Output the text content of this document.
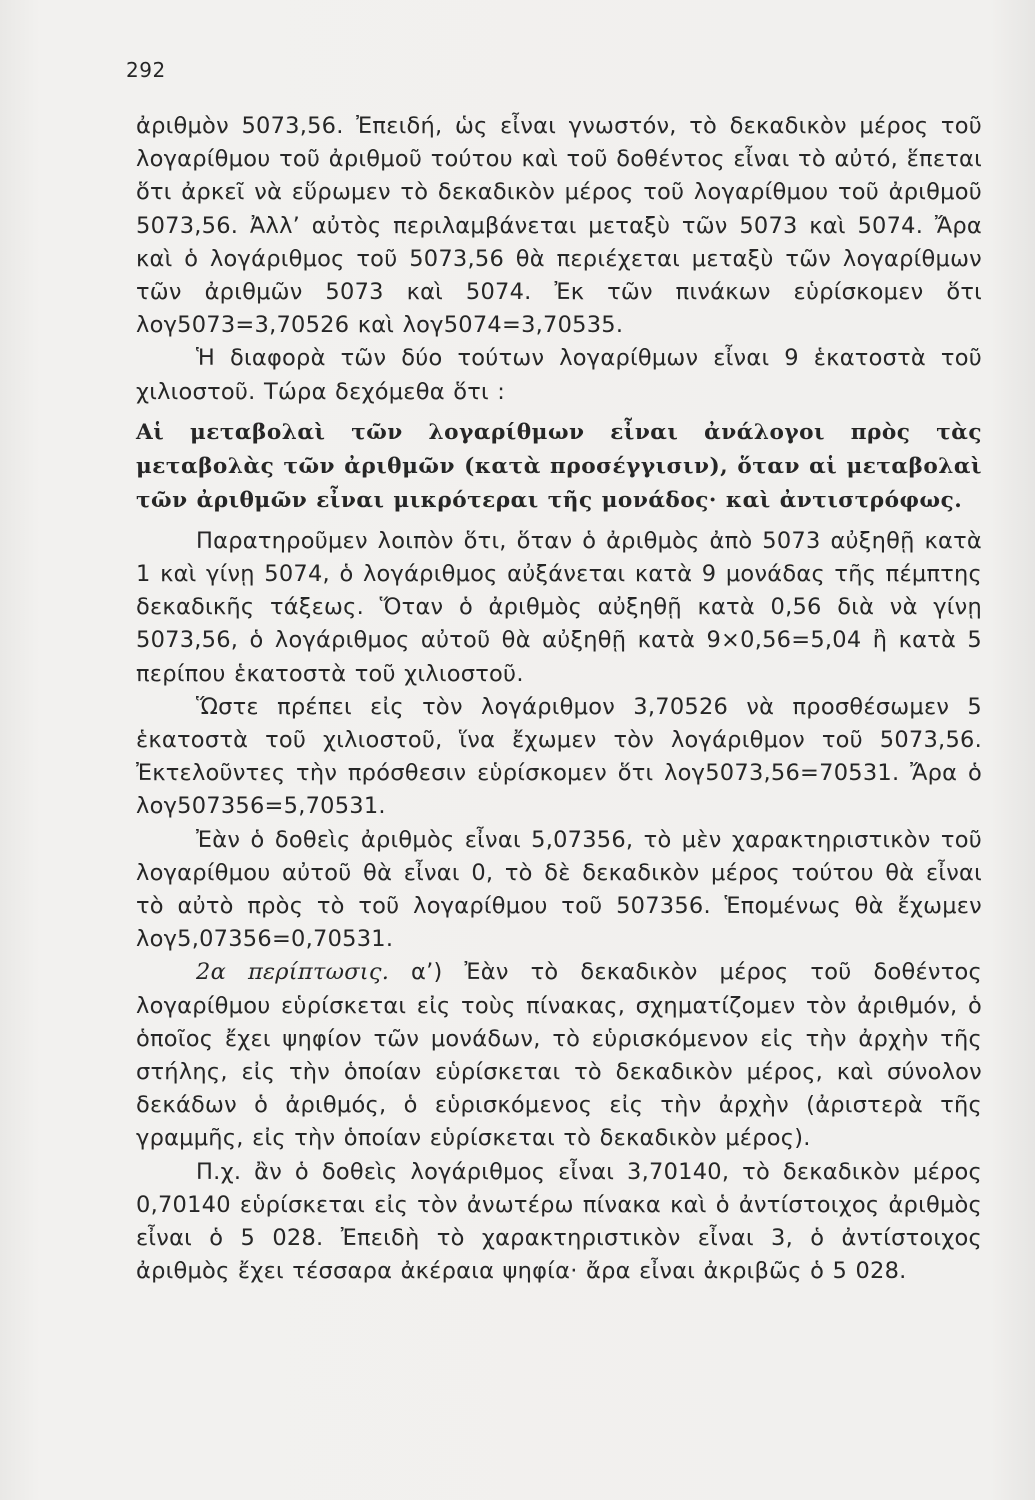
292

ἀριθμὸν 5073,56. Ἐπειδή, ὡς εἶναι γνωστόν, τὸ δεκαδικὸν μέρος τοῦ λογαρίθμου τοῦ ἀριθμοῦ τούτου καὶ τοῦ δοθέντος εἶναι τὸ αὐτό, ἕπεται ὅτι ἀρκεῖ νὰ εὕρωμεν τὸ δεκαδικὸν μέρος τοῦ λογαρίθμου τοῦ ἀριθμοῦ 5073,56. Ἀλλ’ αὐτὸς περιλαμβάνεται μεταξὺ τῶν 5073 καὶ 5074. Ἄρα καὶ ὁ λογάριθμος τοῦ 5073,56 θὰ περιέχεται μεταξὺ τῶν λογαρίθμων τῶν ἀριθμῶν 5073 καὶ 5074. Ἐκ τῶν πινάκων εὑρίσκομεν ὅτι λογ5073=3,70526 καὶ λογ5074=3,70535.

Ἡ διαφορὰ τῶν δύο τούτων λογαρίθμων εἶναι 9 ἑκατοστὰ τοῦ χιλιοστοῦ. Τώρα δεχόμεθα ὅτι :

Αἱ μεταβολαὶ τῶν λογαρίθμων εἶναι ἀνάλογοι πρὸς τὰς μεταβολὰς τῶν ἀριθμῶν (κατὰ προσέγγισιν), ὅταν αἱ μεταβολαὶ τῶν ἀριθμῶν εἶναι μικρότεραι τῆς μονάδος· καὶ ἀντιστρόφως.

Παρατηροῦμεν λοιπὸν ὅτι, ὅταν ὁ ἀριθμὸς ἀπὸ 5073 αὐξηθῇ κατὰ 1 καὶ γίνῃ 5074, ὁ λογάριθμος αὐξάνεται κατὰ 9 μονάδας τῆς πέμπτης δεκαδικῆς τάξεως. Ὅταν ὁ ἀριθμὸς αὐξηθῇ κατὰ 0,56 διὰ νὰ γίνῃ 5073,56, ὁ λογάριθμος αὐτοῦ θὰ αὐξηθῇ κατὰ 9×0,56=5,04 ἢ κατὰ 5 περίπου ἑκατοστὰ τοῦ χιλιοστοῦ.

Ὥστε πρέπει εἰς τὸν λογάριθμον 3,70526 νὰ προσθέσωμεν 5 ἑκατοστὰ τοῦ χιλιοστοῦ, ἵνα ἔχωμεν τὸν λογάριθμον τοῦ 5073,56. Ἐκτελοῦντες τὴν πρόσθεσιν εὑρίσκομεν ὅτι λογ5073,56=70531. Ἄρα ὁ λογ507356=5,70531.

Ἐὰν ὁ δοθεὶς ἀριθμὸς εἶναι 5,07356, τὸ μὲν χαρακτηριστικὸν τοῦ λογαρίθμου αὐτοῦ θὰ εἶναι 0, τὸ δὲ δεκαδικὸν μέρος τούτου θὰ εἶναι τὸ αὐτὸ πρὸς τὸ τοῦ λογαρίθμου τοῦ 507356. Ἑπομένως θὰ ἔχωμεν λογ5,07356=0,70531.

2α περίπτωσις. α’) Ἐὰν τὸ δεκαδικὸν μέρος τοῦ δοθέντος λογαρίθμου εὑρίσκεται εἰς τοὺς πίνακας, σχηματίζομεν τὸν ἀριθμόν, ὁ ὁποῖος ἔχει ψηφίον τῶν μονάδων, τὸ εὑρισκόμενον εἰς τὴν ἀρχὴν τῆς στήλης, εἰς τὴν ὁποίαν εὑρίσκεται τὸ δεκαδικὸν μέρος, καὶ σύνολον δεκάδων ὁ ἀριθμός, ὁ εὑρισκόμενος εἰς τὴν ἀρχὴν (ἀριστερὰ τῆς γραμμῆς, εἰς τὴν ὁποίαν εὑρίσκεται τὸ δεκαδικὸν μέρος).

Π.χ. ἂν ὁ δοθεὶς λογάριθμος εἶναι 3,70140, τὸ δεκαδικὸν μέρος 0,70140 εὑρίσκεται εἰς τὸν ἀνωτέρω πίνακα καὶ ὁ ἀντίστοιχος ἀριθμὸς εἶναι ὁ 5 028. Ἐπειδὴ τὸ χαρακτηριστικὸν εἶναι 3, ὁ ἀντίστοιχος ἀριθμὸς ἔχει τέσσαρα ἀκέραια ψηφία· ἄρα εἶναι ἀκριβῶς ὁ 5 028.
